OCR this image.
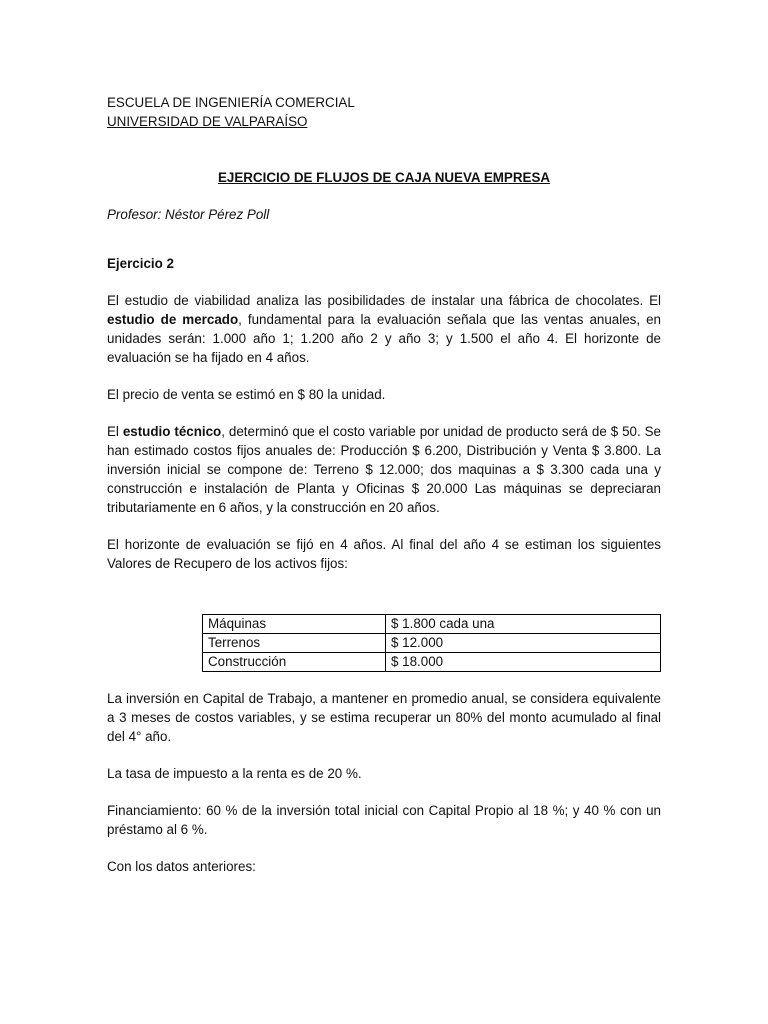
ESCUELA DE INGENIERÍA COMERCIAL

UNIVERSIDAD DE VALPARAÍSO

EJERCICIO DE FLUJOS DE CAJA NUEVA EMPRESA

Profesor: Néstor Pérez Poll

Ejercicio 2

El estudio de viabilidad analiza las posibilidades de instalar una fábrica de chocolates. El estudio de mercado, fundamental para la evaluación señala que las ventas anuales, en unidades serán: 1.000 año 1; 1.200 año 2 y año 3; y 1.500 el año 4. El horizonte de evaluación se ha fijado en 4 años.

El precio de venta se estimó en $ 80 la unidad.

El estudio técnico, determinó que el costo variable por unidad de producto será de $ 50. Se han estimado costos fijos anuales de: Producción $ 6.200, Distribución y Venta $ 3.800. La inversión inicial se compone de: Terreno $ 12.000; dos maquinas a $ 3.300 cada una y construcción e instalación de Planta y Oficinas $ 20.000 Las máquinas se depreciaran tributariamente en 6 años, y la construcción en 20 años.

El horizonte de evaluación se fijó en 4 años. Al final del año 4 se estiman los siguientes Valores de Recupero de los activos fijos:

Máquinas	$ 1.800 cada una
Terrenos	$ 12.000
Construcción	$ 18.000

La inversión en Capital de Trabajo, a mantener en promedio anual, se considera equivalente a 3 meses de costos variables, y se estima recuperar un 80% del monto acumulado al final del 4° año.

La tasa de impuesto a la renta es de 20 %.

Financiamiento: 60 % de la inversión total inicial con Capital Propio al 18 %; y 40 % con un préstamo al 6 %.

Con los datos anteriores:
